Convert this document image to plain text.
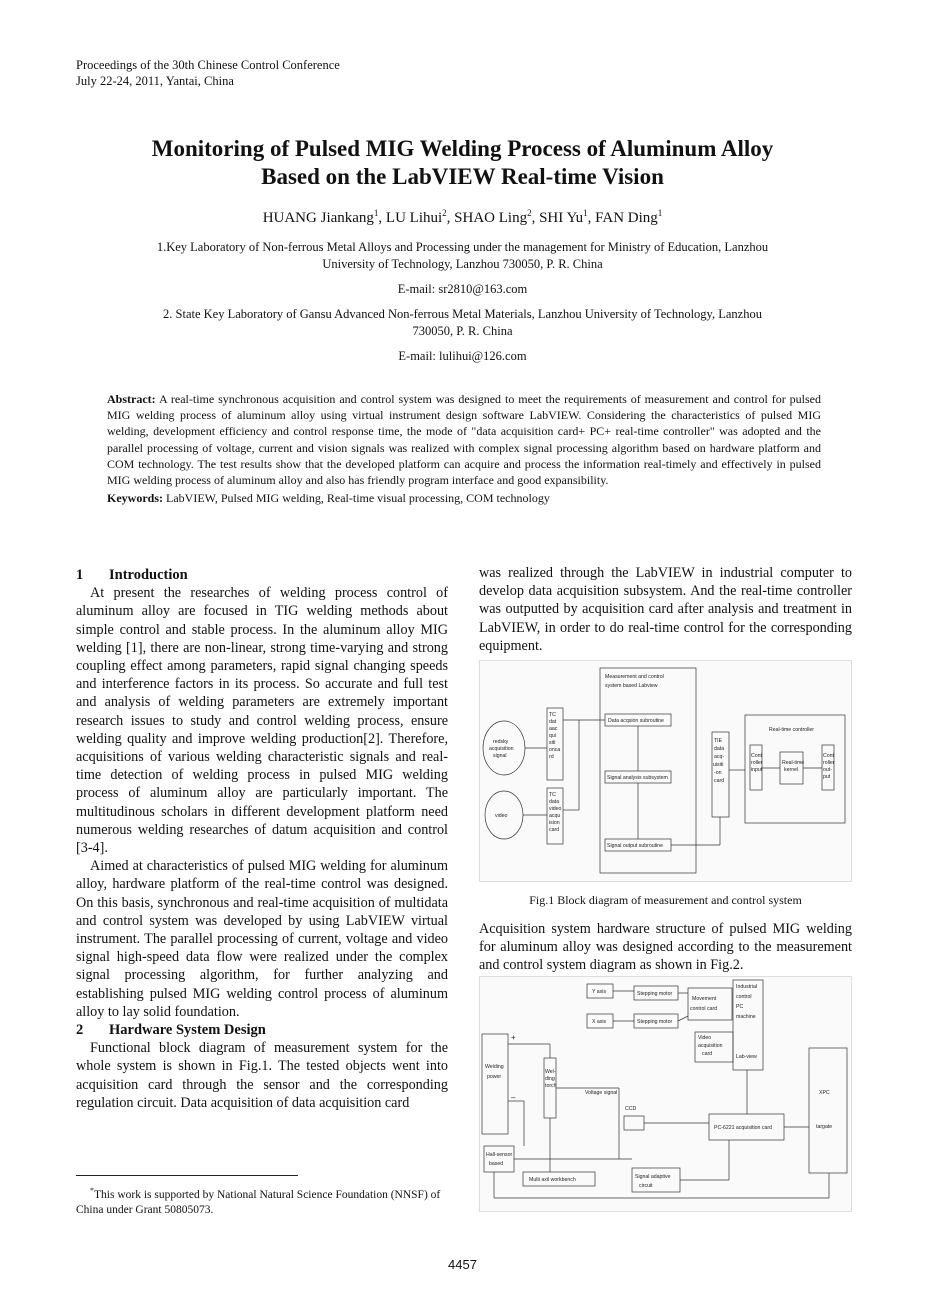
Proceedings of the 30th Chinese Control Conference
July 22-24, 2011, Yantai, China
Monitoring of Pulsed MIG Welding Process of Aluminum Alloy
Based on the LabVIEW Real-time Vision
HUANG Jiankang$^1$, LU Lihui$^2$, SHAO Ling$^2$, SHI Yu$^1$, FAN Ding$^1$
1.Key Laboratory of Non-ferrous Metal Alloys and Processing under the management for Ministry of Education, Lanzhou
University of Technology, Lanzhou 730050, P. R. China
E-mail: sr2810@163.com
2. State Key Laboratory of Gansu Advanced Non-ferrous Metal Materials, Lanzhou University of Technology, Lanzhou
730050, P. R. China
E-mail: lulihui@126.com
Abstract: A real-time synchronous acquisition and control system was designed to meet the requirements of measurement and control for pulsed MIG welding process of aluminum alloy using virtual instrument design software LabVIEW. Considering the characteristics of pulsed MIG welding, development efficiency and control response time, the mode of "data acquisition card+ PC+ real-time controller" was adopted and the parallel processing of voltage, current and vision signals was realized with complex signal processing algorithm based on hardware platform and COM technology. The test results show that the developed platform can acquire and process the information real-timely and effectively in pulsed MIG welding process of aluminum alloy and also has friendly program interface and good expansibility.
Keywords: LabVIEW, Pulsed MIG welding, Real-time visual processing, COM technology
1 Introduction

At present the researches of welding process control of aluminum alloy are focused in TIG welding methods about simple control and stable process. In the aluminum alloy MIG welding [1], there are non-linear, strong time-varying and strong coupling effect among parameters, rapid signal changing speeds and interference factors in its process. So accurate and full test and analysis of welding parameters are extremely important research issues to study and control welding process, ensure welding quality and improve welding production[2]. Therefore, acquisitions of various welding characteristic signals and real-time detection of welding process in pulsed MIG welding process of aluminum alloy are particularly important. The multitudinous scholars in different development platform need numerous welding researches of datum acquisition and control [3-4].

Aimed at characteristics of pulsed MIG welding for aluminum alloy, hardware platform of the real-time control was designed. On this basis, synchronous and real-time acquisition of multidata and control system was developed by using LabVIEW virtual instrument. The parallel processing of current, voltage and video signal high-speed data flow were realized under the complex signal processing algorithm, for further analyzing and establishing pulsed MIG welding control process of aluminum alloy to lay solid foundation.

2 Hardware System Design

Functional block diagram of measurement system for the whole system is shown in Fig.1. The tested objects went into acquisition card through the sensor and the corresponding regulation circuit. Data acquisition of data acquisition card

was realized through the LabVIEW in industrial computer to develop data acquisition subsystem. And the real-time controller was outputted by acquisition card after analysis and treatment in LabVIEW, in order to do real-time control for the corresponding equipment.

Measurement and control
system based Labview
redsky
acquisition
signal
video
TC
dat
aac
qui
siti
onca
rd
TC
data
video
acqu
ision
card
Data acqsion subroutine
Signal analysis subsystem
Signal output subroutine
TIE
data
acq-
uisiti
-on
card
Real-time controller
Cont
roller
input
Real-time
kernel
Cont
roller
out-
put
Fig.1 Block diagram of measurement and control system

Acquisition system hardware structure of pulsed MIG welding for aluminum alloy was designed according to the measurement and control system diagram as shown in Fig.2.

Y axis
X axis
Stepping motor
Stepping motor
Movement
control card
Video
acquisition
card
Industrial
control
PC
machine
Lab-view
Welding
power
+
–
Wel-
ding
torch
Voltage signal
CCD
PC-6221 acquisition card
XPC
targate
Hall-sensor
based
Multi axil workbench	Signal adaptive
circuit
*This work is supported by National Natural Science Foundation (NNSF) of China under Grant 50805073.
4457
